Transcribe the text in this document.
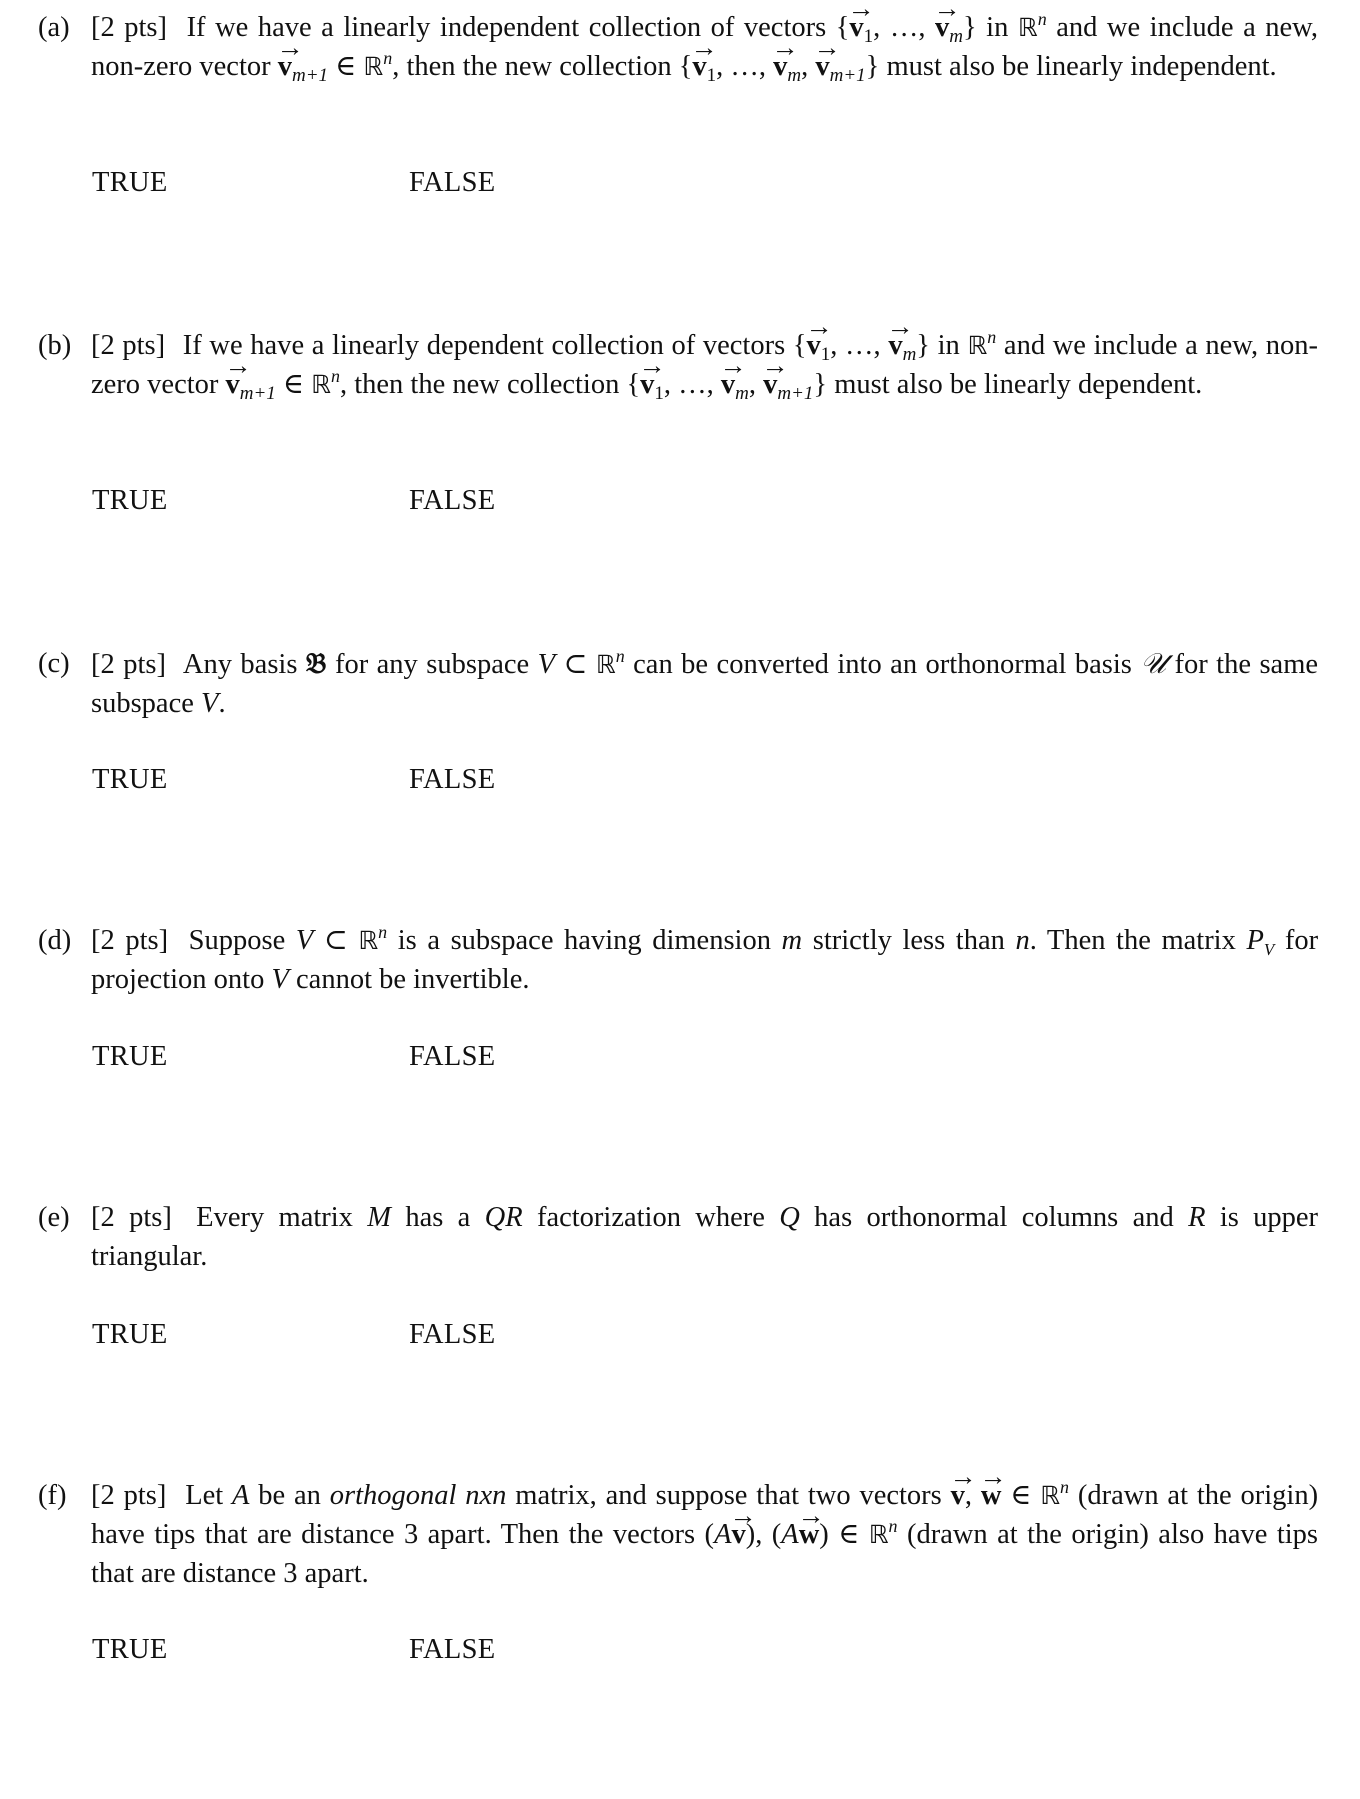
(a) [2 pts] If we have a linearly independent collection of vectors {→ $v_1$, …, → $v_m$} in ℝ$^n$ and we include a new, non-zero vector → $v_{m+1}$ ∈ ℝ$^n$, then the new collection {→ $v_1$, …, → $v_m$, → $v_{m+1}$} must also be linearly independent.
TRUE	FALSE
(b) [2 pts] If we have a linearly dependent collection of vectors {→ $v_1$, …, → $v_m$} in ℝ$^n$ and we include a new, non-zero vector → $v_{m+1}$ ∈ ℝ$^n$, then the new collection {→ $v_1$, …, → $v_m$, → $v_{m+1}$} must also be linearly dependent.
TRUE	FALSE
(c) [2 pts] Any basis 𝔅 for any subspace V ⊂ ℝ$^n$ can be converted into an orthonormal basis 𝒰 for the same subspace V.
TRUE	FALSE
(d) [2 pts] Suppose V ⊂ ℝ$^n$ is a subspace having dimension m strictly less than n. Then the matrix $P_V$ for projection onto V cannot be invertible.
TRUE	FALSE
(e) [2 pts] Every matrix M has a QR factorization where Q has orthonormal columns and R is upper triangular.
TRUE	FALSE
(f) [2 pts] Let A be an orthogonal nxn matrix, and suppose that two vectors → v, → w ∈ ℝ$^n$ (drawn at the origin) have tips that are distance 3 apart. Then the vectors (A→ v), (A→ w) ∈ ℝ$^n$ (drawn at the origin) also have tips that are distance 3 apart.
TRUE	FALSE
